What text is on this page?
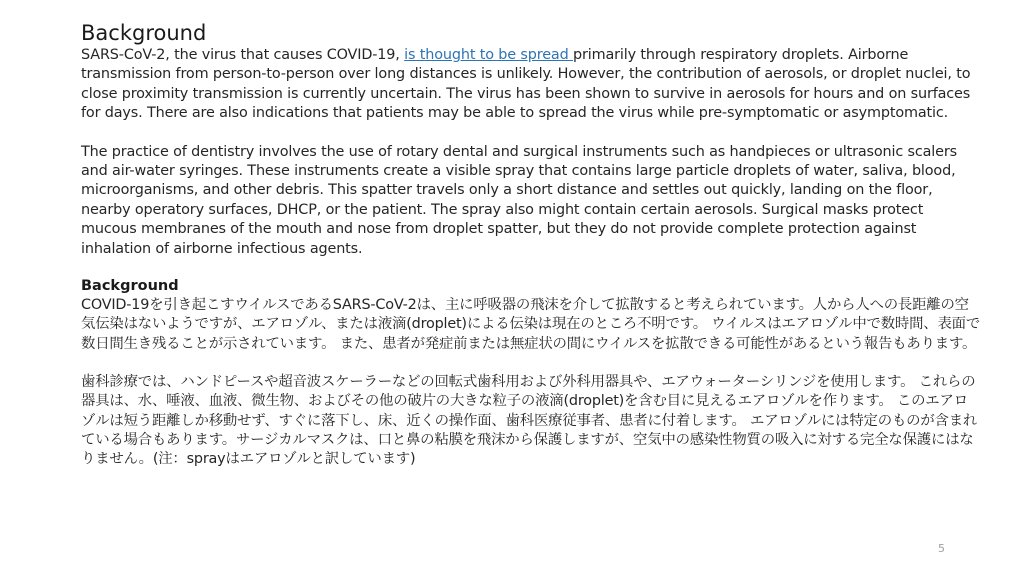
Background

SARS-CoV-2, the virus that causes COVID-19, is thought to be spread primarily through respiratory droplets. Airborne transmission from person-to-person over long distances is unlikely. However, the contribution of aerosols, or droplet nuclei, to close proximity transmission is currently uncertain. The virus has been shown to survive in aerosols for hours and on surfaces for days. There are also indications that patients may be able to spread the virus while pre-symptomatic or asymptomatic.

The practice of dentistry involves the use of rotary dental and surgical instruments such as handpieces or ultrasonic scalers and air-water syringes. These instruments create a visible spray that contains large particle droplets of water, saliva, blood, microorganisms, and other debris. This spatter travels only a short distance and settles out quickly, landing on the floor, nearby operatory surfaces, DHCP, or the patient. The spray also might contain certain aerosols. Surgical masks protect mucous membranes of the mouth and nose from droplet spatter, but they do not provide complete protection against inhalation of airborne infectious agents.

Background

COVID-19を引き起こすウイルスであるSARS-CoV-2は、主に呼吸器の飛沫を介して拡散すると考えられています。人から人への長距離の空気伝染はないようですが、エアロゾル、または液滴(droplet)による伝染は現在のところ不明です。 ウイルスはエアロゾル中で数時間、表面で数日間生き残ることが示されています。 また、患者が発症前または無症状の間にウイルスを拡散できる可能性があるという報告もあります。

歯科診療では、ハンドピースや超音波スケーラーなどの回転式歯科用および外科用器具や、エアウォーターシリンジを使用します。 これらの器具は、水、唾液、血液、微生物、およびその他の破片の大きな粒子の液滴(droplet)を含む目に見えるエアロゾルを作ります。 このエアロゾルは短う距離しか移動せず、すぐに落下し、床、近くの操作面、歯科医療従事者、患者に付着します。 エアロゾルには特定のものが含まれている場合もあります。サージカルマスクは、口と鼻の粘膜を飛沫から保護しますが、空気中の感染性物質の吸入に対する完全な保護にはなりません。(注：sprayはエアロゾルと訳しています)

5
